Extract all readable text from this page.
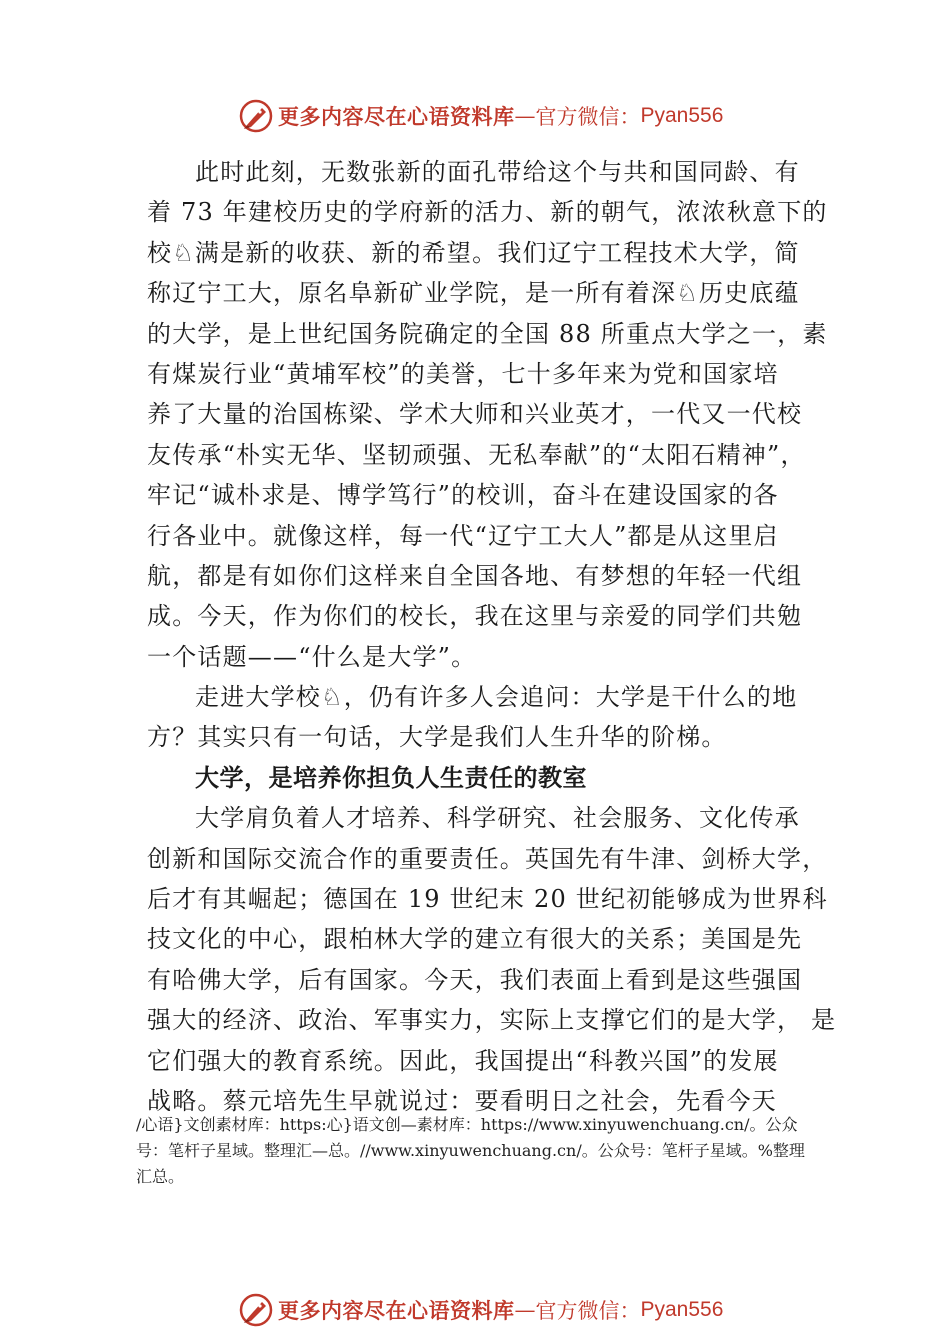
更多内容尽在心语资料库 — 官方微信： Pyan556
此时此刻，无数张新的面孔带给这个与共和国同龄、有
着 73 年建校历史的学府新的活力、新的朝气，浓浓秋意下的
校♘满是新的收获、新的希望。我们辽宁工程技术大学，简
称辽宁工大，原名阜新矿业学院，是一所有着深♘历史底蕴
的大学，是上世纪国务院确定的全国 88 所重点大学之一，素
有煤炭行业“黄埔军校”的美誉，七十多年来为党和国家培
养了大量的治国栋梁、学术大师和兴业英才，一代又一代校
友传承“朴实无华、坚韧顽强、无私奉献”的“太阳石精神”，
牢记“诚朴求是、博学笃行”的校训，奋斗在建设国家的各
行各业中。就像这样，每一代“辽宁工大人”都是从这里启
航，都是有如你们这样来自全国各地、有梦想的年轻一代组
成。今天，作为你们的校长，我在这里与亲爱的同学们共勉
一个话题——“什么是大学”。
走进大学校♘，仍有许多人会追问：大学是干什么的地
方？其实只有一句话，大学是我们人生升华的阶梯。
大学，是培养你担负人生责任的教室
大学肩负着人才培养、科学研究、社会服务、文化传承
创新和国际交流合作的重要责任。英国先有牛津、剑桥大学，
后才有其崛起；德国在 19 世纪末 20 世纪初能够成为世界科
技文化的中心，跟柏林大学的建立有很大的关系；美国是先
有哈佛大学，后有国家。今天，我们表面上看到是这些强国
强大的经济、政治、军事实力，实际上支撑它们的是大学， 是
它们强大的教育系统。因此，我国提出“科教兴国”的发展
战略。蔡元培先生早就说过：要看明日之社会，先看今天
/心语}文创素材库：https:心}语文创—素材库：https://www.xinyuwenchuang.cn/。公众
号：笔杆子星域。整理汇—总。//www.xinyuwenchuang.cn/。公众号：笔杆子星域。%整理
汇总。
更多内容尽在心语资料库 — 官方微信： Pyan556
